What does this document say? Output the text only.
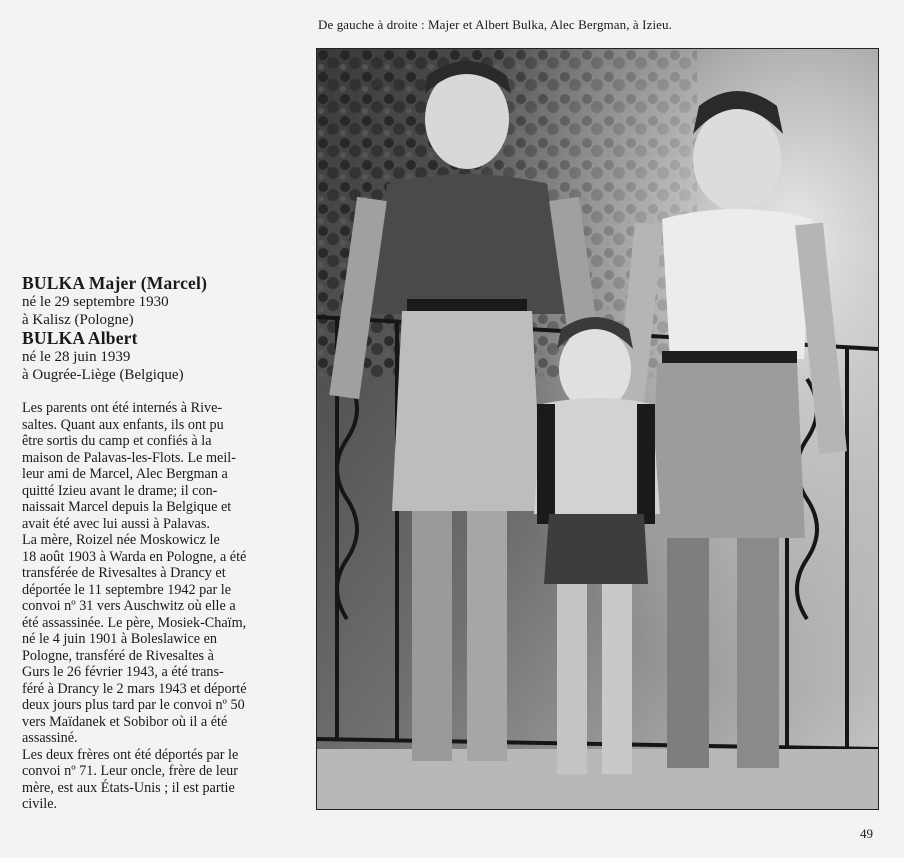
De gauche à droite : Majer et Albert Bulka, Alec Bergman, à Izieu.

BULKA Majer (Marcel)

né le 29 septembre 1930

à Kalisz (Pologne)

BULKA Albert

né le 28 juin 1939

à Ougrée-Liège (Belgique)

Les parents ont été internés à Rive-

saltes. Quant aux enfants, ils ont pu

être sortis du camp et confiés à la

maison de Palavas-les-Flots. Le meil-

leur ami de Marcel, Alec Bergman a

quitté Izieu avant le drame; il con-

naissait Marcel depuis la Belgique et

avait été avec lui aussi à Palavas.

La mère, Roizel née Moskowicz le

18 août 1903 à Warda en Pologne, a été

transférée de Rivesaltes à Drancy et

déportée le 11 septembre 1942 par le

convoi nº 31 vers Auschwitz où elle a

été assassinée. Le père, Mosiek-Chaïm,

né le 4 juin 1901 à Boleslawice en

Pologne, transféré de Rivesaltes à

Gurs le 26 février 1943, a été trans-

féré à Drancy le 2 mars 1943 et déporté

deux jours plus tard par le convoi nº 50

vers Maïdanek et Sobibor où il a été

assassiné.

Les deux frères ont été déportés par le

convoi nº 71. Leur oncle, frère de leur

mère, est aux États-Unis ; il est partie

civile.

49
